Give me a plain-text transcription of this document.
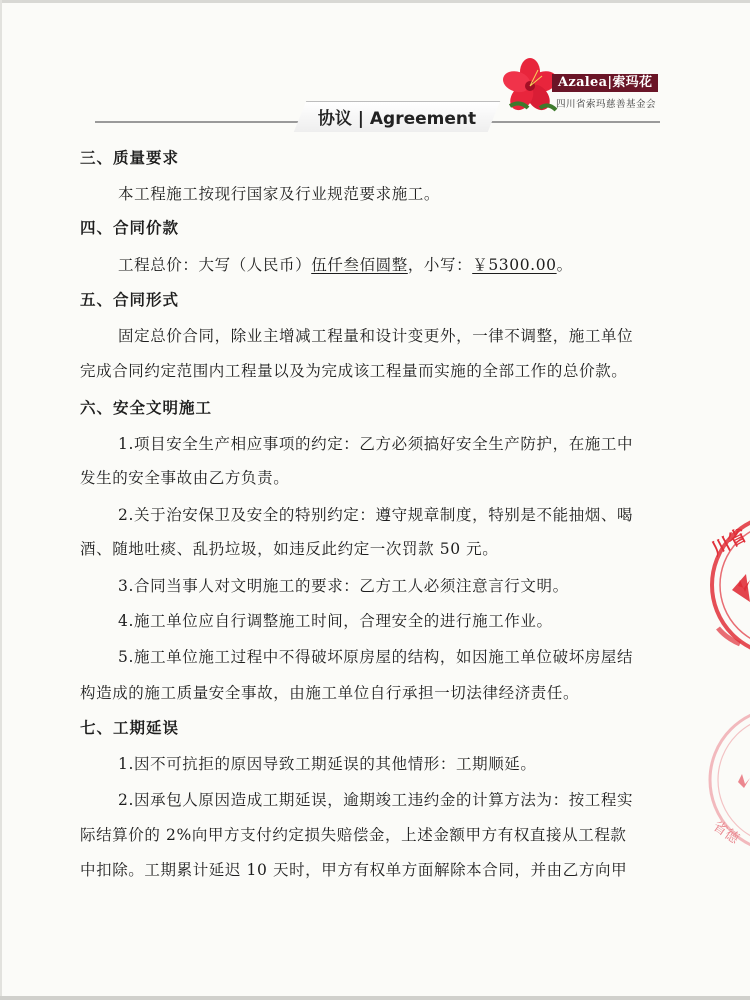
Azalea|索玛花
四川省索玛慈善基金会
协议 | Agreement
三、质量要求
本工程施工按现行国家及行业规范要求施工。
四、合同价款
工程总价：大写（人民币）伍仟叁佰圆整，小写：￥5300.00。
五、合同形式
固定总价合同，除业主增减工程量和设计变更外，一律不调整，施工单位
完成合同约定范围内工程量以及为完成该工程量而实施的全部工作的总价款。
六、安全文明施工
1.项目安全生产相应事项的约定：乙方必须搞好安全生产防护，在施工中
发生的安全事故由乙方负责。
2.关于治安保卫及安全的特别约定：遵守规章制度，特别是不能抽烟、喝
酒、随地吐痰、乱扔垃圾，如违反此约定一次罚款 50 元。
3.合同当事人对文明施工的要求：乙方工人必须注意言行文明。
4.施工单位应自行调整施工时间，合理安全的进行施工作业。
5.施工单位施工过程中不得破坏原房屋的结构，如因施工单位破坏房屋结
构造成的施工质量安全事故，由施工单位自行承担一切法律经济责任。
七、工期延误
1.因不可抗拒的原因导致工期延误的其他情形：工期顺延。
2.因承包人原因造成工期延误，逾期竣工违约金的计算方法为：按工程实
际结算价的 2%向甲方支付约定损失赔偿金，上述金额甲方有权直接从工程款
中扣除。工期累计延迟 10 天时，甲方有权单方面解除本合同，并由乙方向甲
川省
省德
